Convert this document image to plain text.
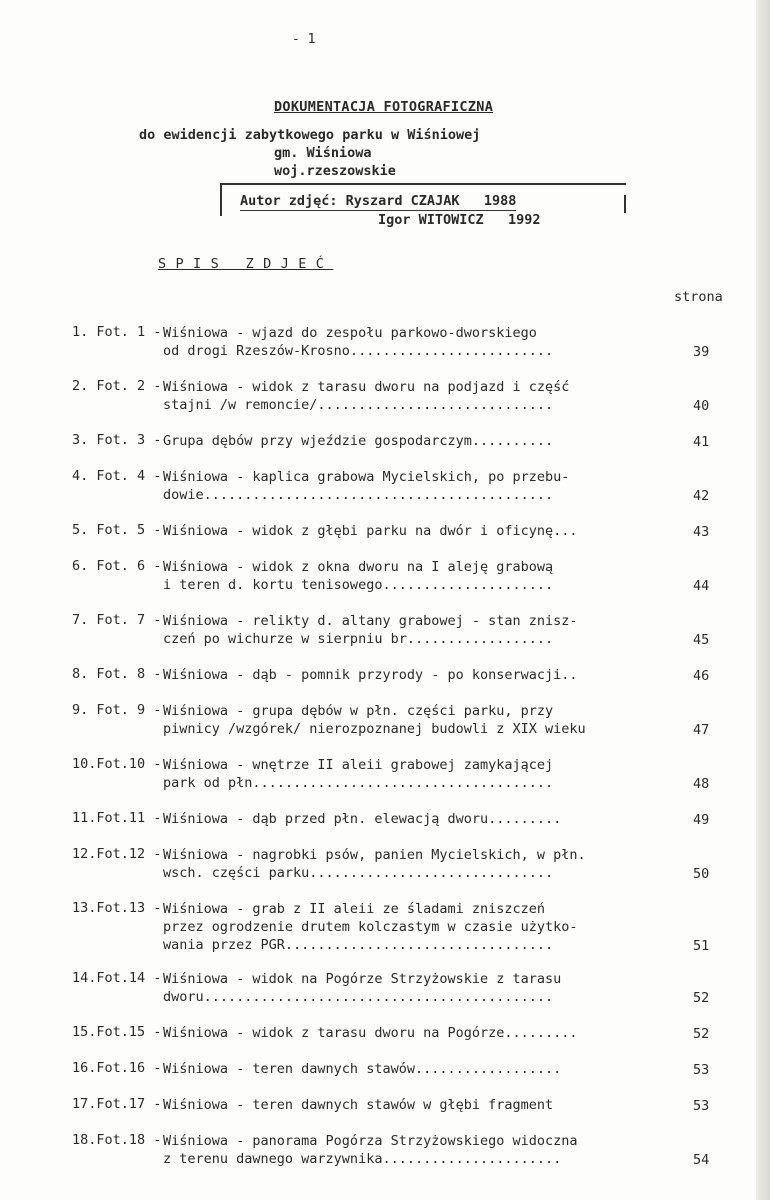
- 1
DOKUMENTACJA FOTOGRAFICZNA
do ewidencji zabytkowego parku w Wiśniowej
gm. Wiśniowa
woj.rzeszowskie
Autor zdjęć: Ryszard CZAJAK   1988
Igor WITOWICZ   1992
SPIS ZDJEĆ
strona
1. Fot. 1 - Wiśniowa - wjazd do zespołu parkowo-dworskiego
od drogi Rzeszów-Krosno.........................	39
2. Fot. 2 - Wiśniowa - widok z tarasu dworu na podjazd i część
stajni /w remoncie/.............................	40
3. Fot. 3 - Grupa dębów przy wjeździe gospodarczym..........	41
4. Fot. 4 - Wiśniowa - kaplica grabowa Mycielskich, po przebu-
dowie...........................................	42
5. Fot. 5 - Wiśniowa - widok z głębi parku na dwór i oficynę...	43
6. Fot. 6 - Wiśniowa - widok z okna dworu na I aleję grabową
i teren d. kortu tenisowego.....................	44
7. Fot. 7 - Wiśniowa - relikty d. altany grabowej - stan znisz-
czeń po wichurze w sierpniu br..................	45
8. Fot. 8 - Wiśniowa - dąb - pomnik przyrody - po konserwacji..	46
9. Fot. 9 - Wiśniowa - grupa dębów w płn. części parku, przy
piwnicy /wzgórek/ nierozpoznanej budowli z XIX wieku	47
10.Fot.10 - Wiśniowa - wnętrze II aleii grabowej zamykającej
park od płn.....................................	48
11.Fot.11 - Wiśniowa - dąb przed płn. elewacją dworu.........	49
12.Fot.12 - Wiśniowa - nagrobki psów, panien Mycielskich, w płn.
wsch. części parku..............................	50
13.Fot.13 - Wiśniowa - grab z II aleii ze śladami zniszczeń
przez ogrodzenie drutem kolczastym w czasie użytko-
wania przez PGR.................................	51
14.Fot.14 - Wiśniowa - widok na Pogórze Strzyżowskie z tarasu
dworu...........................................	52
15.Fot.15 - Wiśniowa - widok z tarasu dworu na Pogórze.........	52
16.Fot.16 - Wiśniowa - teren dawnych stawów..................	53
17.Fot.17 - Wiśniowa - teren dawnych stawów w głębi fragment	53
18.Fot.18 - Wiśniowa - panorama Pogórza Strzyżowskiego widoczna
z terenu dawnego warzywnika......................	54
